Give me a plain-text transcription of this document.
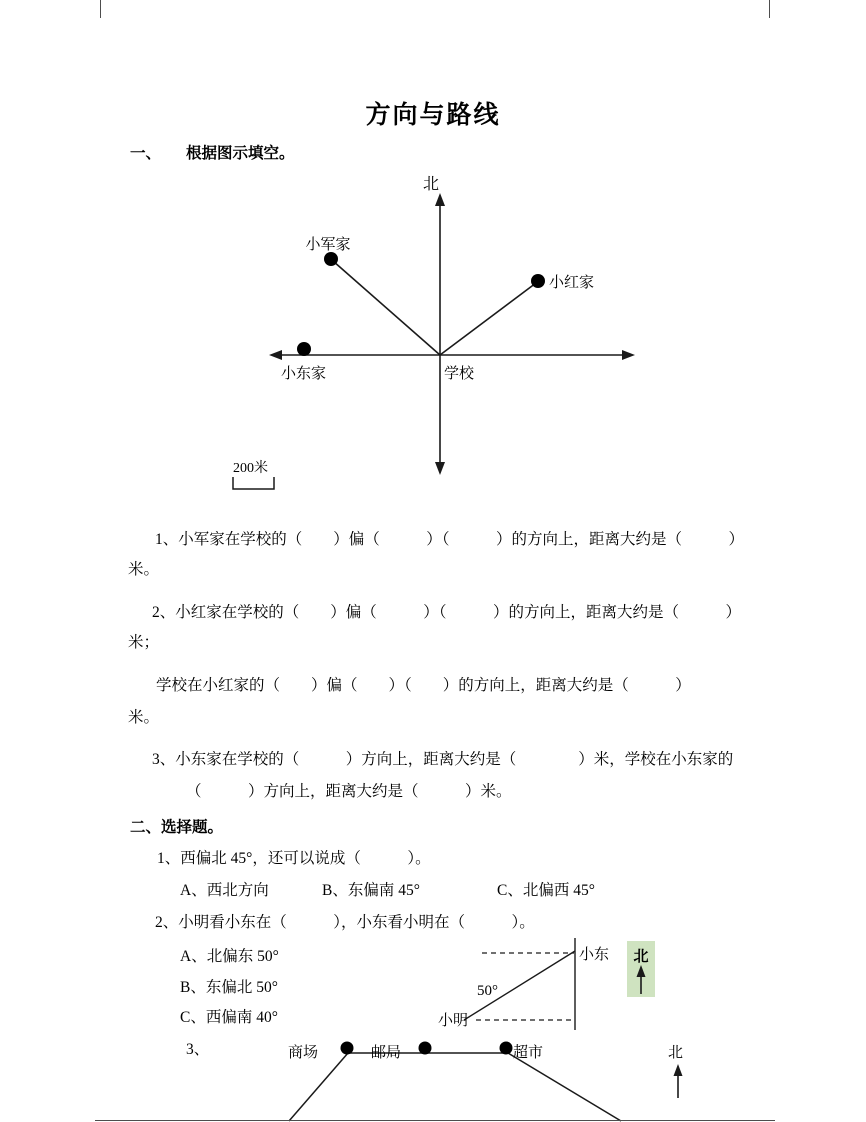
方向与路线
一、 根据图示填空。
北
小军家
小红家
小东家	学校
200米
1、小军家在学校的（　　）偏（　　　）（　　　）的方向上，距离大约是（　　　）
米。
2、小红家在学校的（　　）偏（　　　）（　　　）的方向上，距离大约是（　　　）
米；
学校在小红家的（　　）偏（　　）（　　）的方向上，距离大约是（　　　）
米。
3、小东家在学校的（　　　）方向上，距离大约是（　　　　）米，学校在小东家的
（　　　）方向上，距离大约是（　　　）米。
二、选择题。
1、西偏北 45°，还可以说成（　　　）。
A、西北方向	B、东偏南 45°	C、北偏西 45°
2、小明看小东在（　　　），小东看小明在（　　　）。
A、北偏东 50°
B、东偏北 50°
C、西偏南 40°
小东
50°
小明
北
3、	商场	邮局	超市	北
